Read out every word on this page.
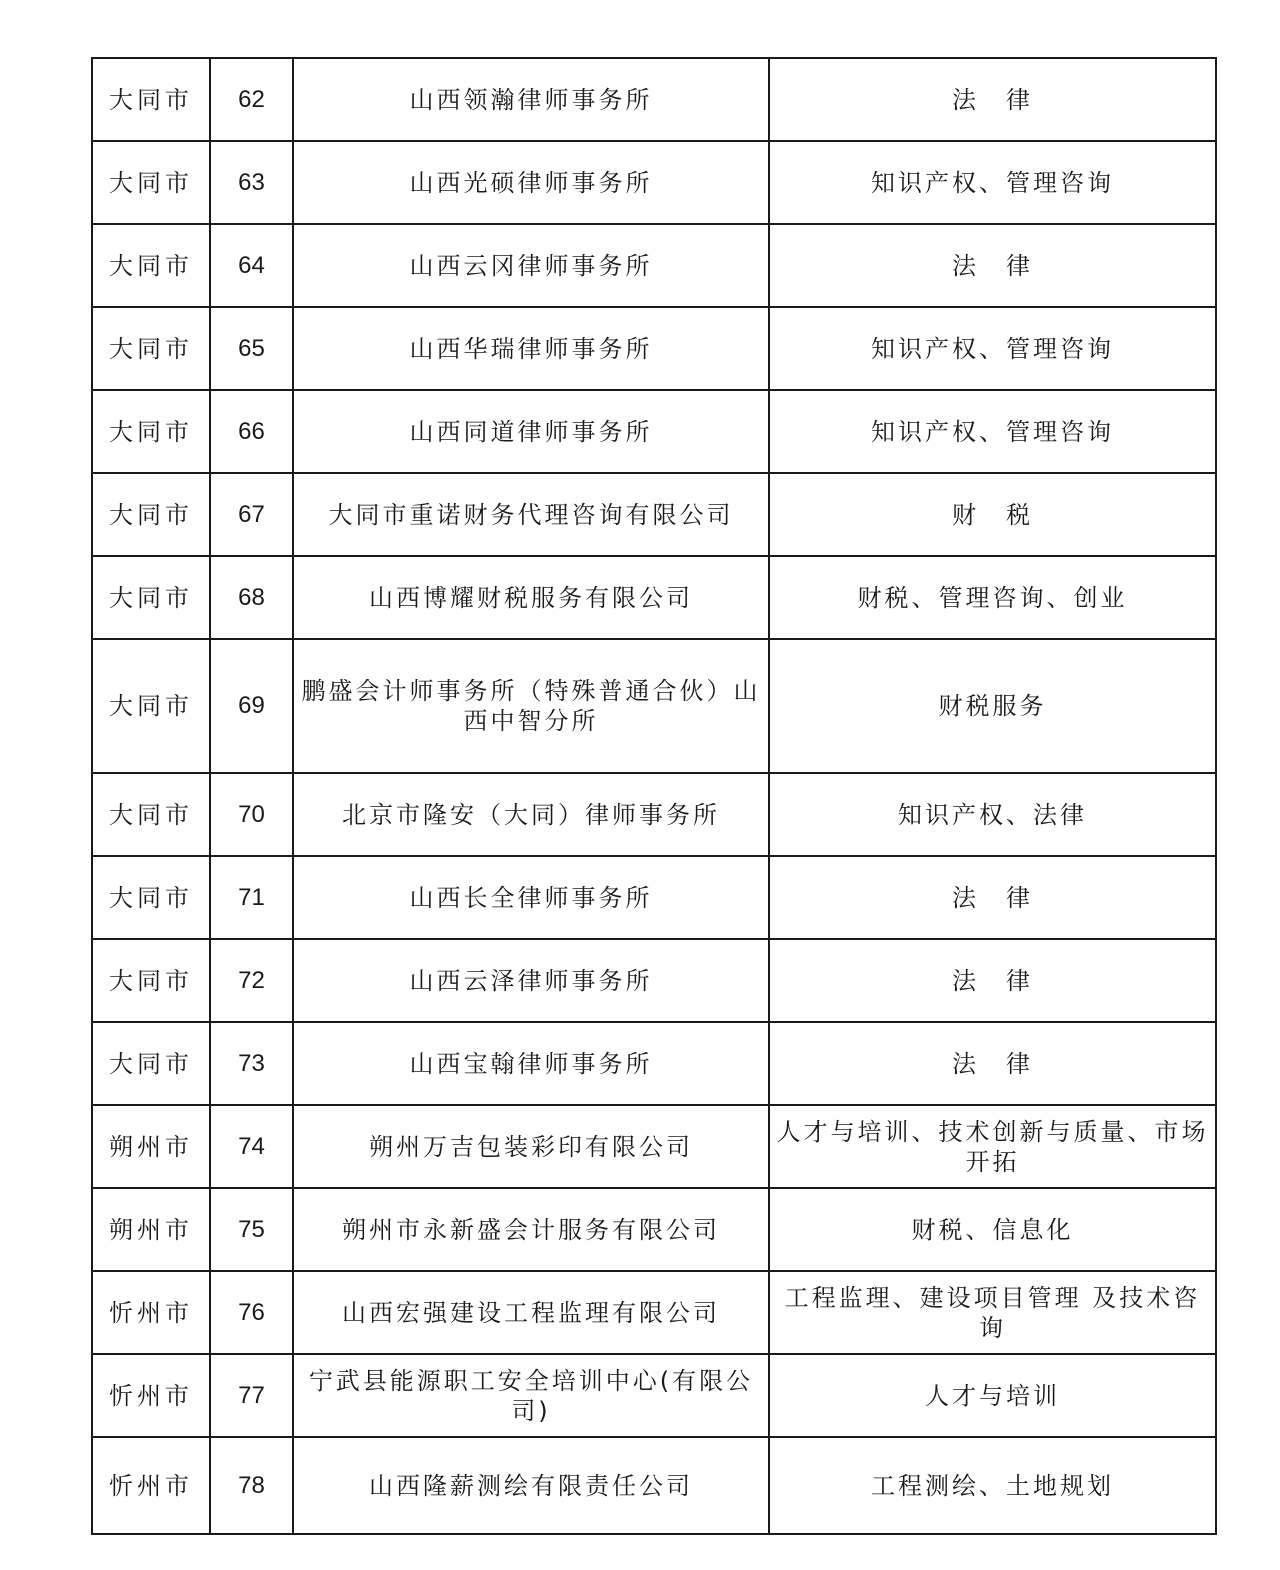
大同市	62	山西领瀚律师事务所	法　律
大同市	63	山西光硕律师事务所	知识产权、管理咨询
大同市	64	山西云冈律师事务所	法　律
大同市	65	山西华瑞律师事务所	知识产权、管理咨询
大同市	66	山西同道律师事务所	知识产权、管理咨询
大同市	67	大同市重诺财务代理咨询有限公司	财　税
大同市	68	山西博耀财税服务有限公司	财税、管理咨询、创业
大同市	69	鹏盛会计师事务所（特殊普通合伙）山西中智分所	财税服务
大同市	70	北京市隆安（大同）律师事务所	知识产权、法律
大同市	71	山西长全律师事务所	法　律
大同市	72	山西云泽律师事务所	法　律
大同市	73	山西宝翰律师事务所	法　律
朔州市	74	朔州万吉包装彩印有限公司	人才与培训、技术创新与质量、市场开拓
朔州市	75	朔州市永新盛会计服务有限公司	财税、信息化
忻州市	76	山西宏强建设工程监理有限公司	工程监理、建设项目管理 及技术咨询
忻州市	77	宁武县能源职工安全培训中心(有限公司)	人才与培训
忻州市	78	山西隆薪测绘有限责任公司	工程测绘、土地规划
